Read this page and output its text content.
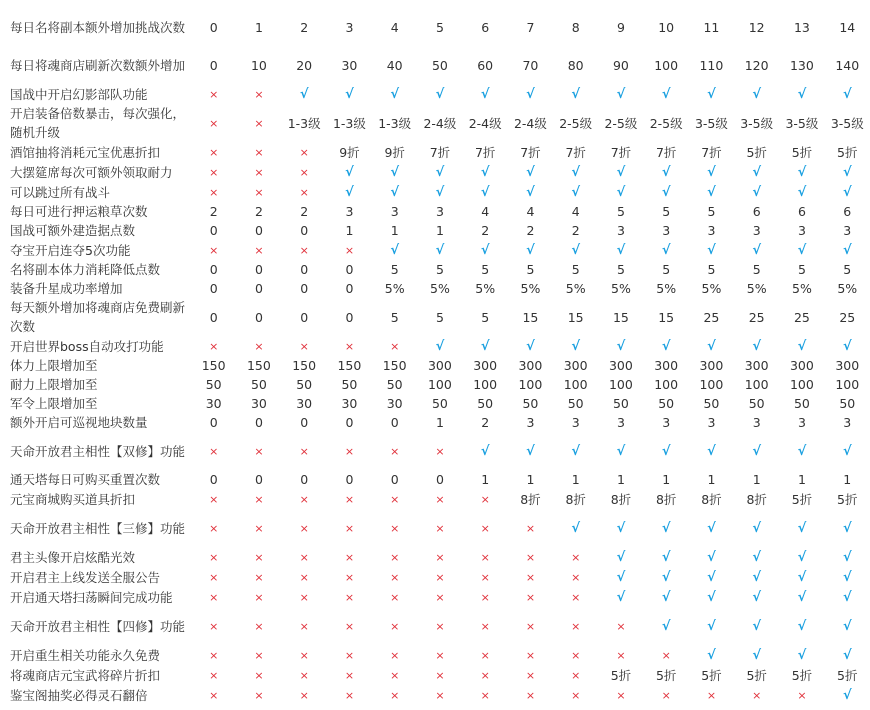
每日名将副本额外增加挑战次数	0	1	2	3	4	5	6	7	8	9	10	11	12	13	14
每日将魂商店刷新次数额外增加	0	10	20	30	40	50	60	70	80	90	100	110	120	130	140
国战中开启幻影部队功能	×	×	√	√	√	√	√	√	√	√	√	√	√	√	√
开启装备倍数暴击，每次强化，随机升级	×	×	1-3级	1-3级	1-3级	2-4级	2-4级	2-4级	2-5级	2-5级	2-5级	3-5级	3-5级	3-5级	3-5级
酒馆抽将消耗元宝优惠折扣	×	×	×	9折	9折	7折	7折	7折	7折	7折	7折	7折	5折	5折	5折
大摆筵席每次可额外领取耐力	×	×	×	√	√	√	√	√	√	√	√	√	√	√	√
可以跳过所有战斗	×	×	×	√	√	√	√	√	√	√	√	√	√	√	√
每日可进行押运粮草次数	2	2	2	3	3	3	4	4	4	5	5	5	6	6	6
国战可额外建造据点数	0	0	0	1	1	1	2	2	2	3	3	3	3	3	3
夺宝开启连夺5次功能	×	×	×	×	√	√	√	√	√	√	√	√	√	√	√
名将副本体力消耗降低点数	0	0	0	0	5	5	5	5	5	5	5	5	5	5	5
装备升星成功率增加	0	0	0	0	5%	5%	5%	5%	5%	5%	5%	5%	5%	5%	5%
每天额外增加将魂商店免费刷新次数	0	0	0	0	5	5	5	15	15	15	15	25	25	25	25
开启世界boss自动攻打功能	×	×	×	×	×	√	√	√	√	√	√	√	√	√	√
体力上限增加至	150	150	150	150	150	300	300	300	300	300	300	300	300	300	300
耐力上限增加至	50	50	50	50	50	100	100	100	100	100	100	100	100	100	100
军令上限增加至	30	30	30	30	30	50	50	50	50	50	50	50	50	50	50
额外开启可巡视地块数量	0	0	0	0	0	1	2	3	3	3	3	3	3	3	3
天命开放君主相性【双修】功能	×	×	×	×	×	×	√	√	√	√	√	√	√	√	√
通天塔每日可购买重置次数	0	0	0	0	0	0	1	1	1	1	1	1	1	1	1
元宝商城购买道具折扣	×	×	×	×	×	×	×	8折	8折	8折	8折	8折	8折	5折	5折
天命开放君主相性【三修】功能	×	×	×	×	×	×	×	×	√	√	√	√	√	√	√
君主头像开启炫酷光效	×	×	×	×	×	×	×	×	×	√	√	√	√	√	√
开启君主上线发送全服公告	×	×	×	×	×	×	×	×	×	√	√	√	√	√	√
开启通天塔扫荡瞬间完成功能	×	×	×	×	×	×	×	×	×	√	√	√	√	√	√
天命开放君主相性【四修】功能	×	×	×	×	×	×	×	×	×	×	√	√	√	√	√
开启重生相关功能永久免费	×	×	×	×	×	×	×	×	×	×	×	√	√	√	√
将魂商店元宝武将碎片折扣	×	×	×	×	×	×	×	×	×	5折	5折	5折	5折	5折	5折
鉴宝阁抽奖必得灵石翻倍	×	×	×	×	×	×	×	×	×	×	×	×	×	×	√
